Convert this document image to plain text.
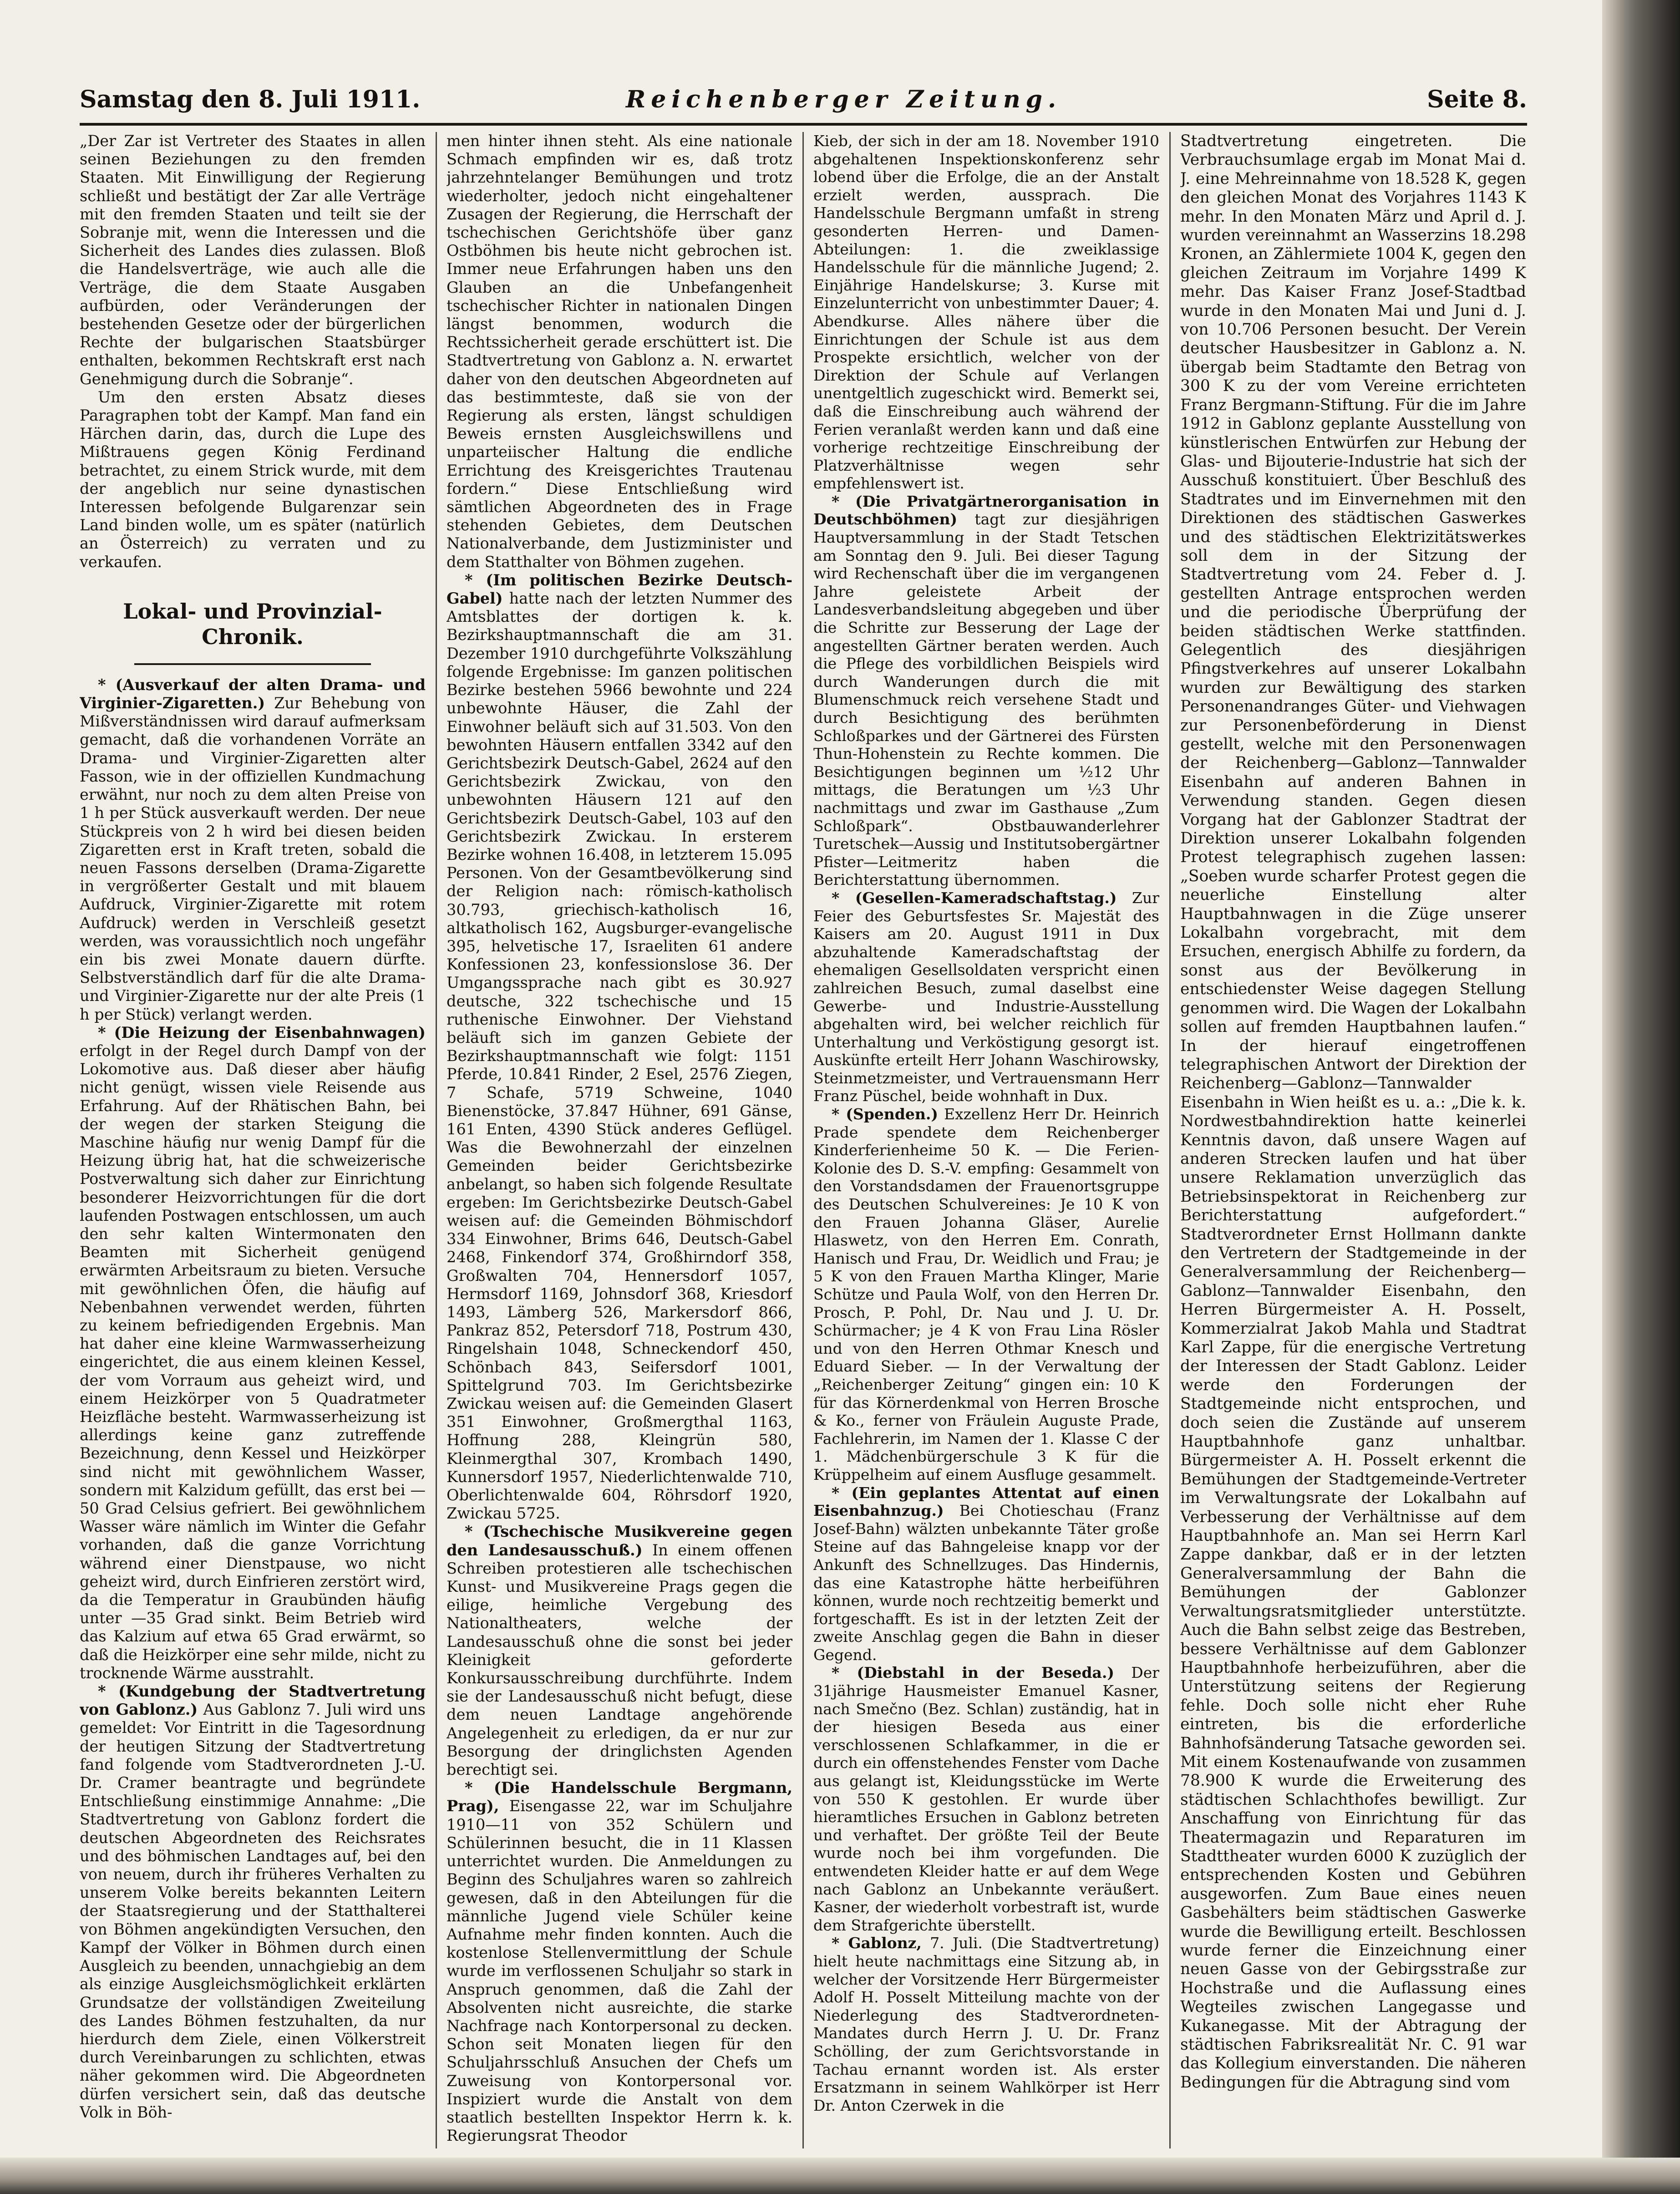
Samstag den 8. Juli 1911.	Reichenberger Zeitung.	Seite 8.

„Der Zar ist Vertreter des Staates in allen seinen Beziehungen zu den fremden Staaten. Mit Einwilligung der Regierung schließt und bestätigt der Zar alle Verträge mit den fremden Staaten und teilt sie der Sobranje mit, wenn die Interessen und die Sicherheit des Landes dies zulassen. Bloß die Handelsverträge, wie auch alle die Verträge, die dem Staate Ausgaben aufbürden, oder Veränderungen der bestehenden Gesetze oder der bürgerlichen Rechte der bulgarischen Staatsbürger enthalten, bekommen Rechtskraft erst nach Genehmigung durch die Sobranje“.

Um den ersten Absatz dieses Paragraphen tobt der Kampf. Man fand ein Härchen darin, das, durch die Lupe des Mißtrauens gegen König Ferdinand betrachtet, zu einem Strick wurde, mit dem der angeblich nur seine dynastischen Interessen befolgende Bulgarenzar sein Land binden wolle, um es später (natürlich an Österreich) zu verraten und zu verkaufen.

Lokal- und Provinzial-Chronik.

* (Ausverkauf der alten Drama- und Virginier-Zigaretten.) Zur Behebung von Mißverständnissen wird darauf aufmerksam gemacht, daß die vorhandenen Vorräte an Drama- und Virginier-Zigaretten alter Fasson, wie in der offiziellen Kundmachung erwähnt, nur noch zu dem alten Preise von 1 h per Stück ausverkauft werden. Der neue Stückpreis von 2 h wird bei diesen beiden Zigaretten erst in Kraft treten, sobald die neuen Fassons derselben (Drama-Zigarette in vergrößerter Gestalt und mit blauem Aufdruck, Virginier-Zigarette mit rotem Aufdruck) werden in Verschleiß gesetzt werden, was voraussichtlich noch ungefähr ein bis zwei Monate dauern dürfte. Selbstverständlich darf für die alte Drama- und Virginier-Zigarette nur der alte Preis (1 h per Stück) verlangt werden.

* (Die Heizung der Eisenbahnwagen) erfolgt in der Regel durch Dampf von der Lokomotive aus. Daß dieser aber häufig nicht genügt, wissen viele Reisende aus Erfahrung. Auf der Rhätischen Bahn, bei der wegen der starken Steigung die Maschine häufig nur wenig Dampf für die Heizung übrig hat, hat die schweizerische Postverwaltung sich daher zur Einrichtung besonderer Heizvorrichtungen für die dort laufenden Postwagen entschlossen, um auch den sehr kalten Wintermonaten den Beamten mit Sicherheit genügend erwärmten Arbeitsraum zu bieten. Versuche mit gewöhnlichen Öfen, die häufig auf Nebenbahnen verwendet werden, führten zu keinem befriedigenden Ergebnis. Man hat daher eine kleine Warmwasserheizung eingerichtet, die aus einem kleinen Kessel, der vom Vorraum aus geheizt wird, und einem Heizkörper von 5 Quadratmeter Heizfläche besteht. Warmwasserheizung ist allerdings keine ganz zutreffende Bezeichnung, denn Kessel und Heizkörper sind nicht mit gewöhnlichem Wasser, sondern mit Kalzidum gefüllt, das erst bei —50 Grad Celsius gefriert. Bei gewöhnlichem Wasser wäre nämlich im Winter die Gefahr vorhanden, daß die ganze Vorrichtung während einer Dienstpause, wo nicht geheizt wird, durch Einfrieren zerstört wird, da die Temperatur in Graubünden häufig unter —35 Grad sinkt. Beim Betrieb wird das Kalzium auf etwa 65 Grad erwärmt, so daß die Heizkörper eine sehr milde, nicht zu trocknende Wärme ausstrahlt.

* (Kundgebung der Stadtvertretung von Gablonz.) Aus Gablonz 7. Juli wird uns gemeldet: Vor Eintritt in die Tagesordnung der heutigen Sitzung der Stadtvertretung fand folgende vom Stadtverordneten J.-U. Dr. Cramer beantragte und begründete Entschließung einstimmige Annahme: „Die Stadtvertretung von Gablonz fordert die deutschen Abgeordneten des Reichsrates und des böhmischen Landtages auf, bei den von neuem, durch ihr früheres Verhalten zu unserem Volke bereits bekannten Leitern der Staatsregierung und der Statthalterei von Böhmen angekündigten Versuchen, den Kampf der Völker in Böhmen durch einen Ausgleich zu beenden, unnachgiebig an dem als einzige Ausgleichsmöglichkeit erklärten Grundsatze der vollständigen Zweiteilung des Landes Böhmen festzuhalten, da nur hierdurch dem Ziele, einen Völkerstreit durch Vereinbarungen zu schlichten, etwas näher gekommen wird. Die Abgeordneten dürfen versichert sein, daß das deutsche Volk in Böh-

men hinter ihnen steht. Als eine nationale Schmach empfinden wir es, daß trotz jahrzehntelanger Bemühungen und trotz wiederholter, jedoch nicht eingehaltener Zusagen der Regierung, die Herrschaft der tschechischen Gerichtshöfe über ganz Ostböhmen bis heute nicht gebrochen ist. Immer neue Erfahrungen haben uns den Glauben an die Unbefangenheit tschechischer Richter in nationalen Dingen längst benommen, wodurch die Rechtssicherheit gerade erschüttert ist. Die Stadtvertretung von Gablonz a. N. erwartet daher von den deutschen Abgeordneten auf das bestimmteste, daß sie von der Regierung als ersten, längst schuldigen Beweis ernsten Ausgleichswillens und unparteiischer Haltung die endliche Errichtung des Kreisgerichtes Trautenau fordern.“ Diese Entschließung wird sämtlichen Abgeordneten des in Frage stehenden Gebietes, dem Deutschen Nationalverbande, dem Justizminister und dem Statthalter von Böhmen zugehen.

* (Im politischen Bezirke Deutsch-Gabel) hatte nach der letzten Nummer des Amtsblattes der dortigen k. k. Bezirkshauptmannschaft die am 31. Dezember 1910 durchgeführte Volkszählung folgende Ergebnisse: Im ganzen politischen Bezirke bestehen 5966 bewohnte und 224 unbewohnte Häuser, die Zahl der Einwohner beläuft sich auf 31.503. Von den bewohnten Häusern entfallen 3342 auf den Gerichtsbezirk Deutsch-Gabel, 2624 auf den Gerichtsbezirk Zwickau, von den unbewohnten Häusern 121 auf den Gerichtsbezirk Deutsch-Gabel, 103 auf den Gerichtsbezirk Zwickau. In ersterem Bezirke wohnen 16.408, in letzterem 15.095 Personen. Von der Gesamtbevölkerung sind der Religion nach: römisch-katholisch 30.793, griechisch-katholisch 16, altkatholisch 162, Augsburger-evangelische 395, helvetische 17, Israeliten 61 andere Konfessionen 23, konfessionslose 36. Der Umgangssprache nach gibt es 30.927 deutsche, 322 tschechische und 15 ruthenische Einwohner. Der Viehstand beläuft sich im ganzen Gebiete der Bezirkshauptmannschaft wie folgt: 1151 Pferde, 10.841 Rinder, 2 Esel, 2576 Ziegen, 7 Schafe, 5719 Schweine, 1040 Bienenstöcke, 37.847 Hühner, 691 Gänse, 161 Enten, 4390 Stück anderes Geflügel. Was die Bewohnerzahl der einzelnen Gemeinden beider Gerichtsbezirke anbelangt, so haben sich folgende Resultate ergeben: Im Gerichtsbezirke Deutsch-Gabel weisen auf: die Gemeinden Böhmischdorf 334 Einwohner, Brims 646, Deutsch-Gabel 2468, Finkendorf 374, Großhirndorf 358, Großwalten 704, Hennersdorf 1057, Hermsdorf 1169, Johnsdorf 368, Kriesdorf 1493, Lämberg 526, Markersdorf 866, Pankraz 852, Petersdorf 718, Postrum 430, Ringelshain 1048, Schneckendorf 450, Schönbach 843, Seifersdorf 1001, Spittelgrund 703. Im Gerichtsbezirke Zwickau weisen auf: die Gemeinden Glasert 351 Einwohner, Großmergthal 1163, Hoffnung 288, Kleingrün 580, Kleinmergthal 307, Krombach 1490, Kunnersdorf 1957, Niederlichtenwalde 710, Oberlichtenwalde 604, Röhrsdorf 1920, Zwickau 5725.

* (Tschechische Musikvereine gegen den Landesausschuß.) In einem offenen Schreiben protestieren alle tschechischen Kunst- und Musikvereine Prags gegen die eilige, heimliche Vergebung des Nationaltheaters, welche der Landesausschuß ohne die sonst bei jeder Kleinigkeit geforderte Konkursausschreibung durchführte. Indem sie der Landesausschuß nicht befugt, diese dem neuen Landtage angehörende Angelegenheit zu erledigen, da er nur zur Besorgung der dringlichsten Agenden berechtigt sei.

* (Die Handelsschule Bergmann, Prag), Eisengasse 22, war im Schuljahre 1910—11 von 352 Schülern und Schülerinnen besucht, die in 11 Klassen unterrichtet wurden. Die Anmeldungen zu Beginn des Schuljahres waren so zahlreich gewesen, daß in den Abteilungen für die männliche Jugend viele Schüler keine Aufnahme mehr finden konnten. Auch die kostenlose Stellenvermittlung der Schule wurde im verflossenen Schuljahr so stark in Anspruch genommen, daß die Zahl der Absolventen nicht ausreichte, die starke Nachfrage nach Kontorpersonal zu decken. Schon seit Monaten liegen für den Schuljahrsschluß Ansuchen der Chefs um Zuweisung von Kontorpersonal vor. Inspiziert wurde die Anstalt von dem staatlich bestellten Inspektor Herrn k. k. Regierungsrat Theodor

Kieb, der sich in der am 18. November 1910 abgehaltenen Inspektionskonferenz sehr lobend über die Erfolge, die an der Anstalt erzielt werden, aussprach. Die Handelsschule Bergmann umfaßt in streng gesonderten Herren- und Damen-Abteilungen: 1. die zweiklassige Handelsschule für die männliche Jugend; 2. Einjährige Handelskurse; 3. Kurse mit Einzelunterricht von unbestimmter Dauer; 4. Abendkurse. Alles nähere über die Einrichtungen der Schule ist aus dem Prospekte ersichtlich, welcher von der Direktion der Schule auf Verlangen unentgeltlich zugeschickt wird. Bemerkt sei, daß die Einschreibung auch während der Ferien veranlaßt werden kann und daß eine vorherige rechtzeitige Einschreibung der Platzverhältnisse wegen sehr empfehlenswert ist.

* (Die Privatgärtnerorganisation in Deutschböhmen) tagt zur diesjährigen Hauptversammlung in der Stadt Tetschen am Sonntag den 9. Juli. Bei dieser Tagung wird Rechenschaft über die im vergangenen Jahre geleistete Arbeit der Landesverbandsleitung abgegeben und über die Schritte zur Besserung der Lage der angestellten Gärtner beraten werden. Auch die Pflege des vorbildlichen Beispiels wird durch Wanderungen durch die mit Blumenschmuck reich versehene Stadt und durch Besichtigung des berühmten Schloßparkes und der Gärtnerei des Fürsten Thun-Hohenstein zu Rechte kommen. Die Besichtigungen beginnen um ½12 Uhr mittags, die Beratungen um ½3 Uhr nachmittags und zwar im Gasthause „Zum Schloßpark“. Obstbauwanderlehrer Turetschek—Aussig und Institutsobergärtner Pfister—Leitmeritz haben die Berichterstattung übernommen.

* (Gesellen-Kameradschaftstag.) Zur Feier des Geburtsfestes Sr. Majestät des Kaisers am 20. August 1911 in Dux abzuhaltende Kameradschaftstag der ehemaligen Gesellsoldaten verspricht einen zahlreichen Besuch, zumal daselbst eine Gewerbe- und Industrie-Ausstellung abgehalten wird, bei welcher reichlich für Unterhaltung und Verköstigung gesorgt ist. Auskünfte erteilt Herr Johann Waschirowsky, Steinmetzmeister, und Vertrauensmann Herr Franz Püschel, beide wohnhaft in Dux.

* (Spenden.) Exzellenz Herr Dr. Heinrich Prade spendete dem Reichenberger Kinderferienheime 50 K. — Die Ferien-Kolonie des D. S.-V. empfing: Gesammelt von den Vorstandsdamen der Frauenortsgruppe des Deutschen Schulvereines: Je 10 K von den Frauen Johanna Gläser, Aurelie Hlaswetz, von den Herren Em. Conrath, Hanisch und Frau, Dr. Weidlich und Frau; je 5 K von den Frauen Martha Klinger, Marie Schütze und Paula Wolf, von den Herren Dr. Prosch, P. Pohl, Dr. Nau und J. U. Dr. Schürmacher; je 4 K von Frau Lina Rösler und von den Herren Othmar Knesch und Eduard Sieber. — In der Verwaltung der „Reichenberger Zeitung“ gingen ein: 10 K für das Körnerdenkmal von Herren Brosche & Ko., ferner von Fräulein Auguste Prade, Fachlehrerin, im Namen der 1. Klasse C der 1. Mädchenbürgerschule 3 K für die Krüppelheim auf einem Ausfluge gesammelt.

* (Ein geplantes Attentat auf einen Eisenbahnzug.) Bei Chotieschau (Franz Josef-Bahn) wälzten unbekannte Täter große Steine auf das Bahngeleise knapp vor der Ankunft des Schnellzuges. Das Hindernis, das eine Katastrophe hätte herbeiführen können, wurde noch rechtzeitig bemerkt und fortgeschafft. Es ist in der letzten Zeit der zweite Anschlag gegen die Bahn in dieser Gegend.

* (Diebstahl in der Beseda.) Der 31jährige Hausmeister Emanuel Kasner, nach Smečno (Bez. Schlan) zuständig, hat in der hiesigen Beseda aus einer verschlossenen Schlafkammer, in die er durch ein offenstehendes Fenster vom Dache aus gelangt ist, Kleidungsstücke im Werte von 550 K gestohlen. Er wurde über hieramtliches Ersuchen in Gablonz betreten und verhaftet. Der größte Teil der Beute wurde noch bei ihm vorgefunden. Die entwendeten Kleider hatte er auf dem Wege nach Gablonz an Unbekannte veräußert. Kasner, der wiederholt vorbestraft ist, wurde dem Strafgerichte überstellt.

* Gablonz, 7. Juli. (Die Stadtvertretung) hielt heute nachmittags eine Sitzung ab, in welcher der Vorsitzende Herr Bürgermeister Adolf H. Posselt Mitteilung machte von der Niederlegung des Stadtverordneten-Mandates durch Herrn J. U. Dr. Franz Schölling, der zum Gerichtsvorstande in Tachau ernannt worden ist. Als erster Ersatzmann in seinem Wahlkörper ist Herr Dr. Anton Czerwek in die

Stadtvertretung eingetreten. Die Verbrauchsumlage ergab im Monat Mai d. J. eine Mehreinnahme von 18.528 K, gegen den gleichen Monat des Vorjahres 1143 K mehr. In den Monaten März und April d. J. wurden vereinnahmt an Wasserzins 18.298 Kronen, an Zählermiete 1004 K, gegen den gleichen Zeitraum im Vorjahre 1499 K mehr. Das Kaiser Franz Josef-Stadtbad wurde in den Monaten Mai und Juni d. J. von 10.706 Personen besucht. Der Verein deutscher Hausbesitzer in Gablonz a. N. übergab beim Stadtamte den Betrag von 300 K zu der vom Vereine errichteten Franz Bergmann-Stiftung. Für die im Jahre 1912 in Gablonz geplante Ausstellung von künstlerischen Entwürfen zur Hebung der Glas- und Bijouterie-Industrie hat sich der Ausschuß konstituiert. Über Beschluß des Stadtrates und im Einvernehmen mit den Direktionen des städtischen Gaswerkes und des städtischen Elektrizitätswerkes soll dem in der Sitzung der Stadtvertretung vom 24. Feber d. J. gestellten Antrage entsprochen werden und die periodische Überprüfung der beiden städtischen Werke stattfinden. Gelegentlich des diesjährigen Pfingstverkehres auf unserer Lokalbahn wurden zur Bewältigung des starken Personenandranges Güter- und Viehwagen zur Personenbeförderung in Dienst gestellt, welche mit den Personenwagen der Reichenberg—Gablonz—Tannwalder Eisenbahn auf anderen Bahnen in Verwendung standen. Gegen diesen Vorgang hat der Gablonzer Stadtrat der Direktion unserer Lokalbahn folgenden Protest telegraphisch zugehen lassen: „Soeben wurde scharfer Protest gegen die neuerliche Einstellung alter Hauptbahnwagen in die Züge unserer Lokalbahn vorgebracht, mit dem Ersuchen, energisch Abhilfe zu fordern, da sonst aus der Bevölkerung in entschiedenster Weise dagegen Stellung genommen wird. Die Wagen der Lokalbahn sollen auf fremden Hauptbahnen laufen.“ In der hierauf eingetroffenen telegraphischen Antwort der Direktion der Reichenberg—Gablonz—Tannwalder Eisenbahn in Wien heißt es u. a.: „Die k. k. Nordwestbahndirektion hatte keinerlei Kenntnis davon, daß unsere Wagen auf anderen Strecken laufen und hat über unsere Reklamation unverzüglich das Betriebsinspektorat in Reichenberg zur Berichterstattung aufgefordert.“ Stadtverordneter Ernst Hollmann dankte den Vertretern der Stadtgemeinde in der Generalversammlung der Reichenberg—Gablonz—Tannwalder Eisenbahn, den Herren Bürgermeister A. H. Posselt, Kommerzialrat Jakob Mahla und Stadtrat Karl Zappe, für die energische Vertretung der Interessen der Stadt Gablonz. Leider werde den Forderungen der Stadtgemeinde nicht entsprochen, und doch seien die Zustände auf unserem Hauptbahnhofe ganz unhaltbar. Bürgermeister A. H. Posselt erkennt die Bemühungen der Stadtgemeinde-Vertreter im Verwaltungsrate der Lokalbahn auf Verbesserung der Verhältnisse auf dem Hauptbahnhofe an. Man sei Herrn Karl Zappe dankbar, daß er in der letzten Generalversammlung der Bahn die Bemühungen der Gablonzer Verwaltungsratsmitglieder unterstützte. Auch die Bahn selbst zeige das Bestreben, bessere Verhältnisse auf dem Gablonzer Hauptbahnhofe herbeizuführen, aber die Unterstützung seitens der Regierung fehle. Doch solle nicht eher Ruhe eintreten, bis die erforderliche Bahnhofsänderung Tatsache geworden sei. Mit einem Kostenaufwande von zusammen 78.900 K wurde die Erweiterung des städtischen Schlachthofes bewilligt. Zur Anschaffung von Einrichtung für das Theatermagazin und Reparaturen im Stadttheater wurden 6000 K zuzüglich der entsprechenden Kosten und Gebühren ausgeworfen. Zum Baue eines neuen Gasbehälters beim städtischen Gaswerke wurde die Bewilligung erteilt. Beschlossen wurde ferner die Einzeichnung einer neuen Gasse von der Gebirgsstraße zur Hochstraße und die Auflassung eines Wegteiles zwischen Langegasse und Kukanegasse. Mit der Abtragung der städtischen Fabriksrealität Nr. C. 91 war das Kollegium einverstanden. Die näheren Bedingungen für die Abtragung sind vom
